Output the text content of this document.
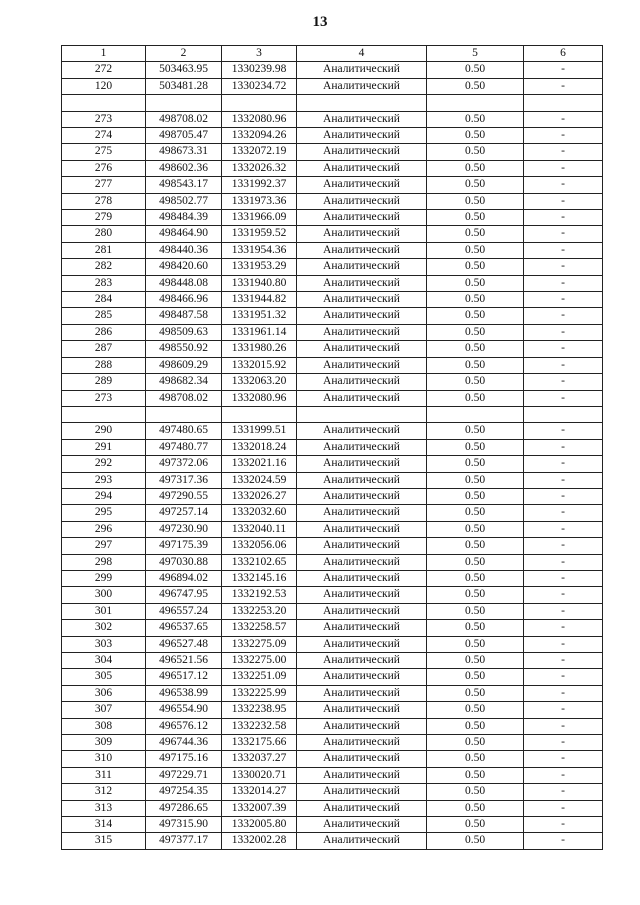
13
1	2	3	4	5	6
272	503463.95	1330239.98	Аналитический	0.50	-
120	503481.28	1330234.72	Аналитический	0.50	-

273	498708.02	1332080.96	Аналитический	0.50	-
274	498705.47	1332094.26	Аналитический	0.50	-
275	498673.31	1332072.19	Аналитический	0.50	-
276	498602.36	1332026.32	Аналитический	0.50	-
277	498543.17	1331992.37	Аналитический	0.50	-
278	498502.77	1331973.36	Аналитический	0.50	-
279	498484.39	1331966.09	Аналитический	0.50	-
280	498464.90	1331959.52	Аналитический	0.50	-
281	498440.36	1331954.36	Аналитический	0.50	-
282	498420.60	1331953.29	Аналитический	0.50	-
283	498448.08	1331940.80	Аналитический	0.50	-
284	498466.96	1331944.82	Аналитический	0.50	-
285	498487.58	1331951.32	Аналитический	0.50	-
286	498509.63	1331961.14	Аналитический	0.50	-
287	498550.92	1331980.26	Аналитический	0.50	-
288	498609.29	1332015.92	Аналитический	0.50	-
289	498682.34	1332063.20	Аналитический	0.50	-
273	498708.02	1332080.96	Аналитический	0.50	-

290	497480.65	1331999.51	Аналитический	0.50	-
291	497480.77	1332018.24	Аналитический	0.50	-
292	497372.06	1332021.16	Аналитический	0.50	-
293	497317.36	1332024.59	Аналитический	0.50	-
294	497290.55	1332026.27	Аналитический	0.50	-
295	497257.14	1332032.60	Аналитический	0.50	-
296	497230.90	1332040.11	Аналитический	0.50	-
297	497175.39	1332056.06	Аналитический	0.50	-
298	497030.88	1332102.65	Аналитический	0.50	-
299	496894.02	1332145.16	Аналитический	0.50	-
300	496747.95	1332192.53	Аналитический	0.50	-
301	496557.24	1332253.20	Аналитический	0.50	-
302	496537.65	1332258.57	Аналитический	0.50	-
303	496527.48	1332275.09	Аналитический	0.50	-
304	496521.56	1332275.00	Аналитический	0.50	-
305	496517.12	1332251.09	Аналитический	0.50	-
306	496538.99	1332225.99	Аналитический	0.50	-
307	496554.90	1332238.95	Аналитический	0.50	-
308	496576.12	1332232.58	Аналитический	0.50	-
309	496744.36	1332175.66	Аналитический	0.50	-
310	497175.16	1332037.27	Аналитический	0.50	-
311	497229.71	1330020.71	Аналитический	0.50	-
312	497254.35	1332014.27	Аналитический	0.50	-
313	497286.65	1332007.39	Аналитический	0.50	-
314	497315.90	1332005.80	Аналитический	0.50	-
315	497377.17	1332002.28	Аналитический	0.50	-
